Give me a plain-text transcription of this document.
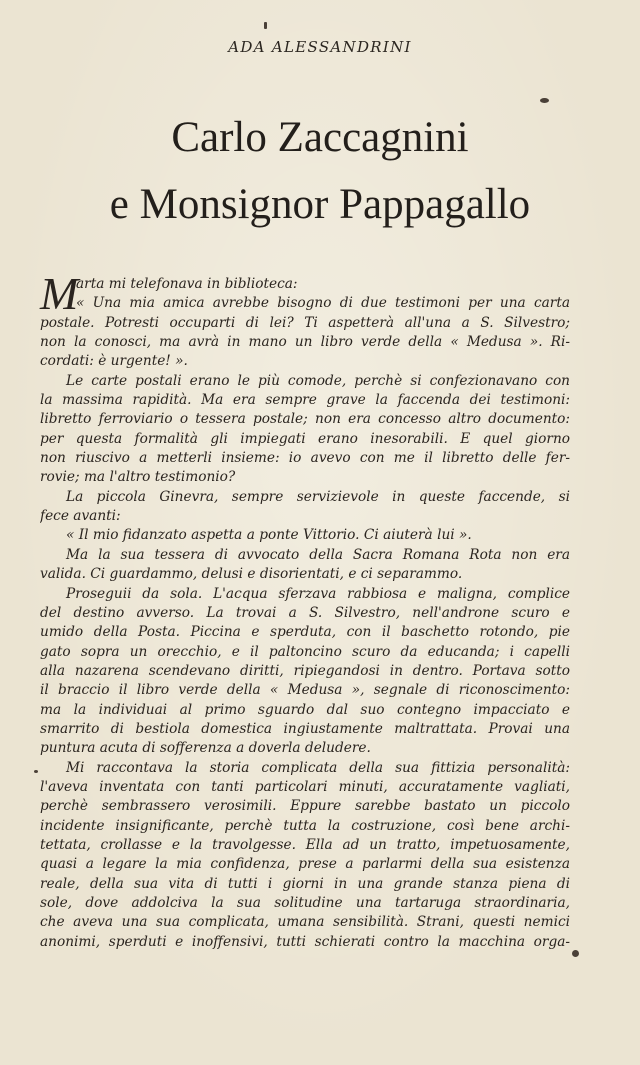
ADA ALESSANDRINI
Carlo Zaccagnini
e Monsignor Pappagallo
M
arta mi telefonava in biblioteca:
« Una mia amica avrebbe bisogno di due testimoni per una carta
postale. Potresti occuparti di lei? Ti aspetterà all'una a S. Silvestro;
non la conosci, ma avrà in mano un libro verde della « Medusa ». Ri-
cordati: è urgente! ».
Le carte postali erano le più comode, perchè si confezionavano con
la massima rapidità. Ma era sempre grave la faccenda dei testimoni:
libretto ferroviario o tessera postale; non era concesso altro documento:
per questa formalità gli impiegati erano inesorabili. E quel giorno
non riuscivo a metterli insieme: io avevo con me il libretto delle fer-
rovie; ma l'altro testimonio?
La piccola Ginevra, sempre servizievole in queste faccende, si
fece avanti:
« Il mio fidanzato aspetta a ponte Vittorio. Ci aiuterà lui ».
Ma la sua tessera di avvocato della Sacra Romana Rota non era
valida. Ci guardammo, delusi e disorientati, e ci separammo.
Proseguii da sola. L'acqua sferzava rabbiosa e maligna, complice
del destino avverso. La trovai a S. Silvestro, nell'androne scuro e
umido della Posta. Piccina e sperduta, con il baschetto rotondo, pie
gato sopra un orecchio, e il paltoncino scuro da educanda; i capelli
alla nazarena scendevano diritti, ripiegandosi in dentro. Portava sotto
il braccio il libro verde della « Medusa », segnale di riconoscimento:
ma la individuai al primo sguardo dal suo contegno impacciato e
smarrito di bestiola domestica ingiustamente maltrattata. Provai una
puntura acuta di sofferenza a doverla deludere.
Mi raccontava la storia complicata della sua fittizia personalità:
l'aveva inventata con tanti particolari minuti, accuratamente vagliati,
perchè sembrassero verosimili. Eppure sarebbe bastato un piccolo
incidente insignificante, perchè tutta la costruzione, così bene archi-
tettata, crollasse e la travolgesse. Ella ad un tratto, impetuosamente,
quasi a legare la mia confidenza, prese a parlarmi della sua esistenza
reale, della sua vita di tutti i giorni in una grande stanza piena di
sole, dove addolciva la sua solitudine una tartaruga straordinaria,
che aveva una sua complicata, umana sensibilità. Strani, questi nemici
anonimi, sperduti e inoffensivi, tutti schierati contro la macchina orga-
